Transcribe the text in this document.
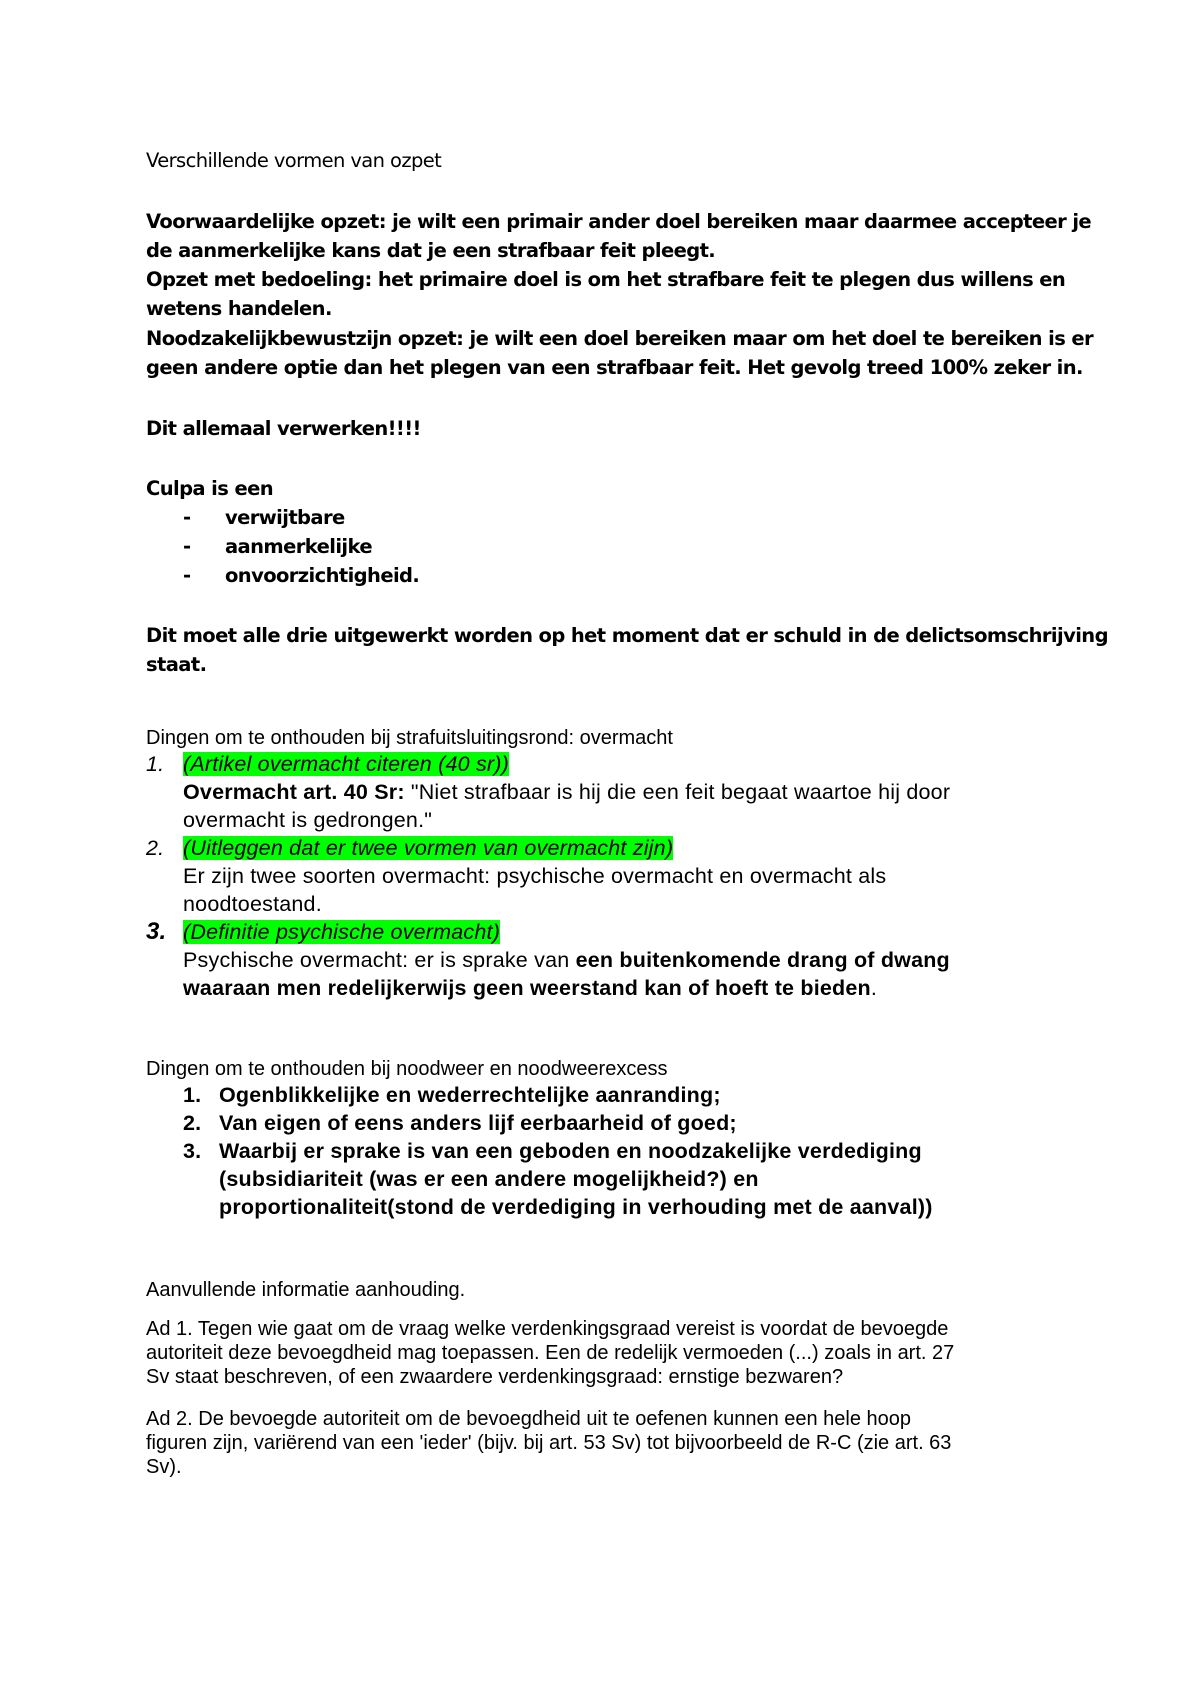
Verschillende vormen van ozpet
Voorwaardelijke opzet: je wilt een primair ander doel bereiken maar daarmee accepteer je
de aanmerkelijke kans dat je een strafbaar feit pleegt.
Opzet met bedoeling: het primaire doel is om het strafbare feit te plegen dus willens en
wetens handelen.
Noodzakelijkbewustzijn opzet: je wilt een doel bereiken maar om het doel te bereiken is er
geen andere optie dan het plegen van een strafbaar feit. Het gevolg treed 100% zeker in.
Dit allemaal verwerken!!!!
Culpa is een
- verwijtbare
- aanmerkelijke
- onvoorzichtigheid.
Dit moet alle drie uitgewerkt worden op het moment dat er schuld in de delictsomschrijving
staat.
Dingen om te onthouden bij strafuitsluitingsrond: overmacht
1. (Artikel overmacht citeren (40 sr))
Overmacht art. 40 Sr: "Niet strafbaar is hij die een feit begaat waartoe hij door
overmacht is gedrongen."
2. (Uitleggen dat er twee vormen van overmacht zijn)
Er zijn twee soorten overmacht: psychische overmacht en overmacht als
noodtoestand.
3. (Definitie psychische overmacht)
Psychische overmacht: er is sprake van een buitenkomende drang of dwang
waaraan men redelijkerwijs geen weerstand kan of hoeft te bieden.
Dingen om te onthouden bij noodweer en noodweerexcess
1. Ogenblikkelijke en wederrechtelijke aanranding;
2. Van eigen of eens anders lijf eerbaarheid of goed;
3. Waarbij er sprake is van een geboden en noodzakelijke verdediging
(subsidiariteit (was er een andere mogelijkheid?) en
proportionaliteit(stond de verdediging in verhouding met de aanval))
Aanvullende informatie aanhouding.
Ad 1. Tegen wie gaat om de vraag welke verdenkingsgraad vereist is voordat de bevoegde
autoriteit deze bevoegdheid mag toepassen. Een de redelijk vermoeden (...) zoals in art. 27
Sv staat beschreven, of een zwaardere verdenkingsgraad: ernstige bezwaren?
Ad 2. De bevoegde autoriteit om de bevoegdheid uit te oefenen kunnen een hele hoop
figuren zijn, variërend van een 'ieder' (bijv. bij art. 53 Sv) tot bijvoorbeeld de R-C (zie art. 63
Sv).
